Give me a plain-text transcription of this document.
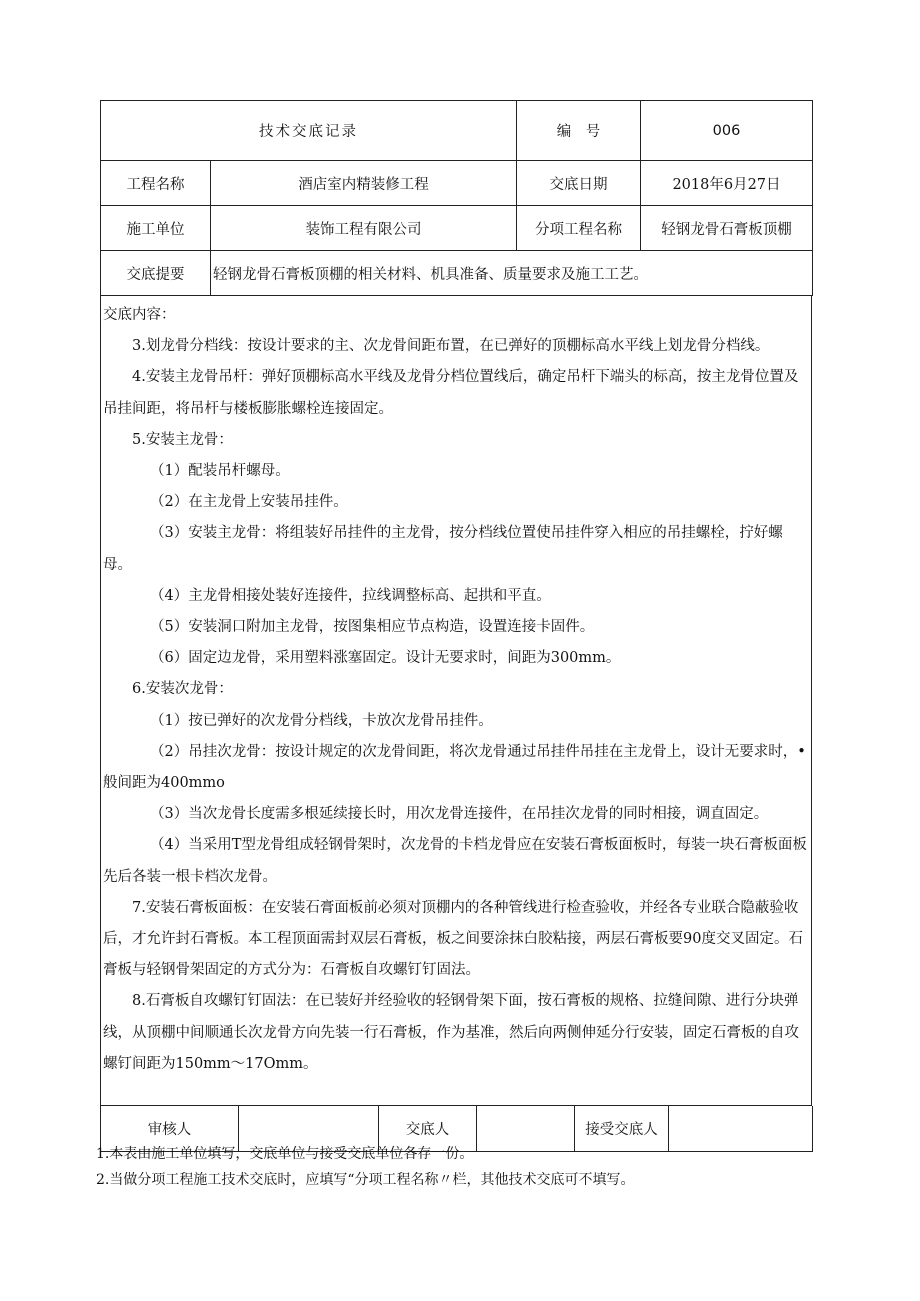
技术交底记录		编　号	006
工程名称	酒店室内精装修工程	交底日期	2018年6月27日
施工单位	装饰工程有限公司	分项工程名称	轻钢龙骨石膏板顶棚
交底提要	轻钢龙骨石膏板顶棚的相关材料、机具准备、质量要求及施工工艺。		

交底内容：

3.划龙骨分档线：按设计要求的主、次龙骨间距布置，在已弹好的顶棚标高水平线上划龙骨分档线。

4.安装主龙骨吊杆：弹好顶棚标高水平线及龙骨分档位置线后，确定吊杆下端头的标高，按主龙骨位置及吊挂间距，将吊杆与楼板膨胀螺栓连接固定。

5.安装主龙骨：

（1）配装吊杆螺母。

（2）在主龙骨上安装吊挂件。

（3）安装主龙骨：将组装好吊挂件的主龙骨，按分档线位置使吊挂件穿入相应的吊挂螺栓，拧好螺母。

（4）主龙骨相接处装好连接件，拉线调整标高、起拱和平直。

（5）安装洞口附加主龙骨，按图集相应节点构造，设置连接卡固件。

（6）固定边龙骨，采用塑料涨塞固定。设计无要求时，间距为300mm。

6.安装次龙骨：

（1）按已弹好的次龙骨分档线，卡放次龙骨吊挂件。

（2）吊挂次龙骨：按设计规定的次龙骨间距，将次龙骨通过吊挂件吊挂在主龙骨上，设计无要求时，•般间距为400mmo

（3）当次龙骨长度需多根延续接长时，用次龙骨连接件，在吊挂次龙骨的同时相接，调直固定。

（4）当采用T型龙骨组成轻钢骨架时，次龙骨的卡档龙骨应在安装石膏板面板时，每装一块石膏板面板先后各装一根卡档次龙骨。

7.安装石膏板面板：在安装石膏面板前必须对顶棚内的各种管线进行检查验收，并经各专业联合隐蔽验收后，才允许封石膏板。本工程顶面需封双层石膏板，板之间要涂抹白胶粘接，两层石膏板要90度交叉固定。石膏板与轻钢骨架固定的方式分为：石膏板自攻螺钉钉固法。

8.石膏板自攻螺钉钉固法：在已装好并经验收的轻钢骨架下面，按石膏板的规格、拉缝间隙、进行分块弹线，从顶棚中间顺通长次龙骨方向先装一行石膏板，作为基准，然后向两侧伸延分行安装，固定石膏板的自攻螺钉间距为150mm～17Omm。

审核人		交底人		接受交底人	

1.本表由施工单位填写，交底单位与接受交底单位各存一份。

2.当做分项工程施工技术交底时，应填写“分项工程名称〃栏，其他技术交底可不填写。
